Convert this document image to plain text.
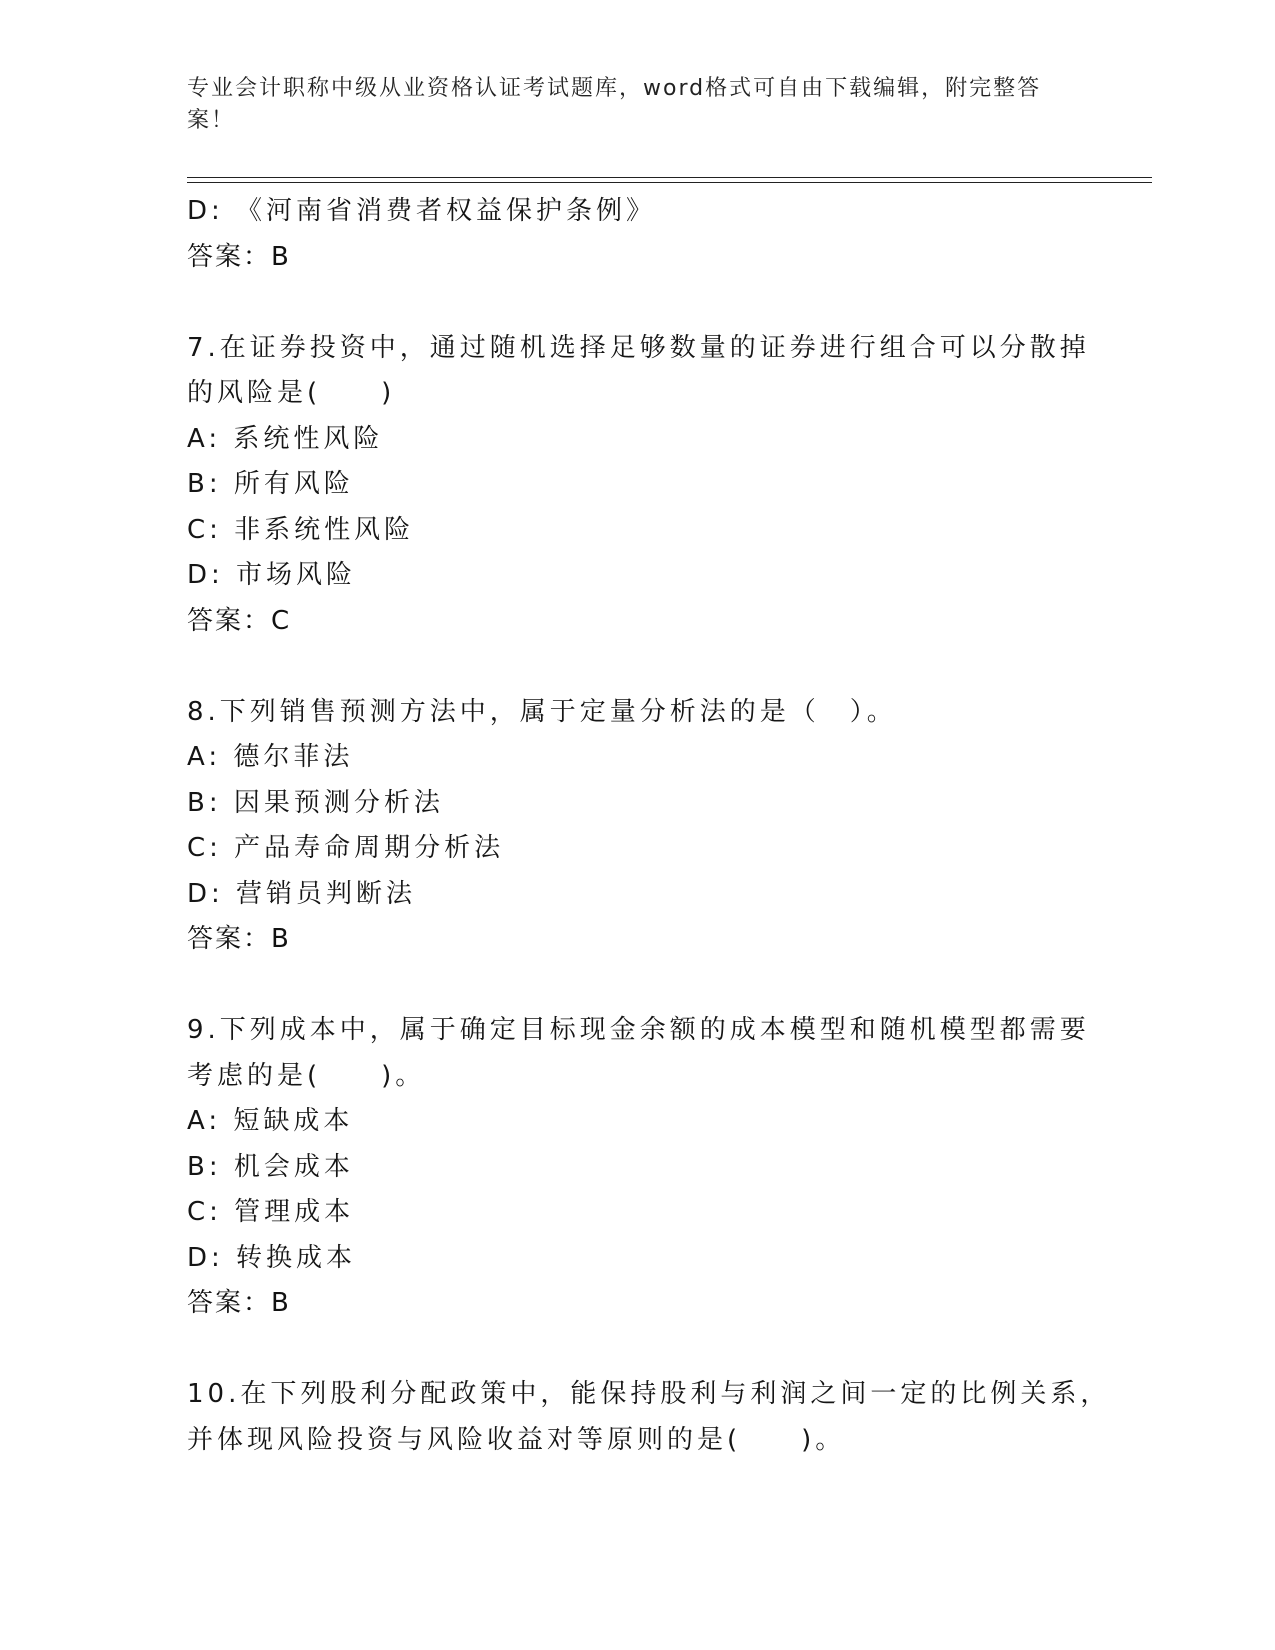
专业会计职称中级从业资格认证考试题库，word格式可自由下载编辑，附完整答案！
D: 《河南省消费者权益保护条例》
答案：B
7.在证券投资中，通过随机选择足够数量的证券进行组合可以分散掉
的风险是(　　)
A: 系统性风险
B: 所有风险
C: 非系统性风险
D: 市场风险
答案：C
8.下列销售预测方法中，属于定量分析法的是（　）。
A: 德尔菲法
B: 因果预测分析法
C: 产品寿命周期分析法
D: 营销员判断法
答案：B
9.下列成本中，属于确定目标现金余额的成本模型和随机模型都需要
考虑的是(　　)。
A: 短缺成本
B: 机会成本
C: 管理成本
D: 转换成本
答案：B
10.在下列股利分配政策中，能保持股利与利润之间一定的比例关系，
并体现风险投资与风险收益对等原则的是(　　)。
